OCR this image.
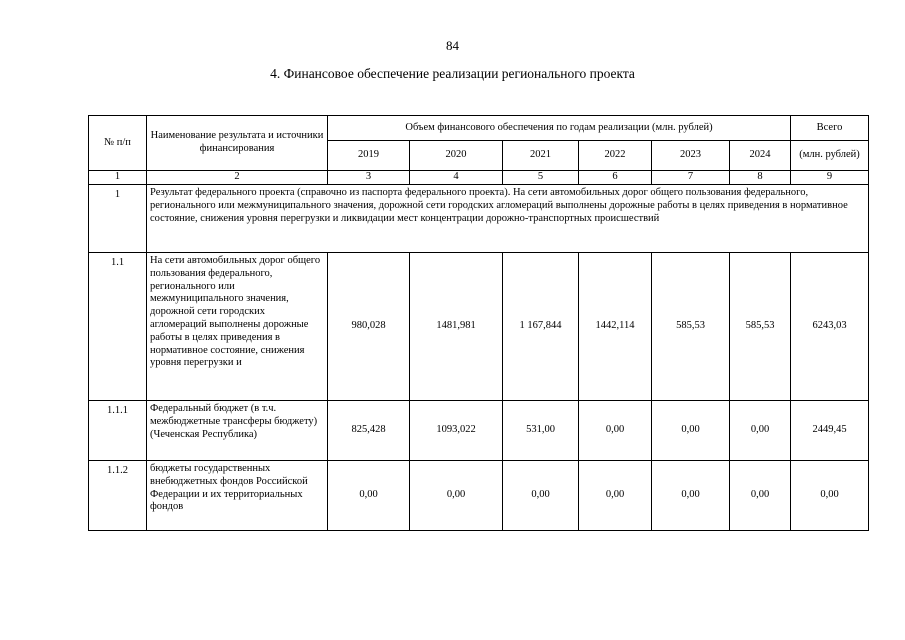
84
4. Финансовое обеспечение реализации регионального проекта
№ п/п	Наименование результата и источники финансирования	Объем финансового обеспечения по годам реализации (млн. рублей)						Всего
		2019	2020	2021	2022	2023	2024	(млн. рублей)
1	2	3	4	5	6	7	8	9
1	Результат федерального проекта (справочно из паспорта федерального проекта). На сети автомобильных дорог общего пользования федерального, регионального или межмуниципального значения, дорожной сети городских агломераций выполнены дорожные работы в целях приведения в нормативное состояние, снижения уровня перегрузки и ликвидации мест концентрации дорожно-транспортных происшествий							
1.1	На сети автомобильных дорог общего пользования федерального, регионального или межмуниципального значения, дорожной сети городских агломераций выполнены дорожные работы в целях приведения в нормативное состояние, снижения уровня перегрузки и	980,028	1481,981	1 167,844	1442,114	585,53	585,53	6243,03
1.1.1	Федеральный бюджет (в т.ч. межбюджетные трансферы бюджету) (Чеченская Республика)	825,428	1093,022	531,00	0,00	0,00	0,00	2449,45
1.1.2	бюджеты государственных внебюджетных фондов Российской Федерации и их территориальных фондов	0,00	0,00	0,00	0,00	0,00	0,00	0,00
